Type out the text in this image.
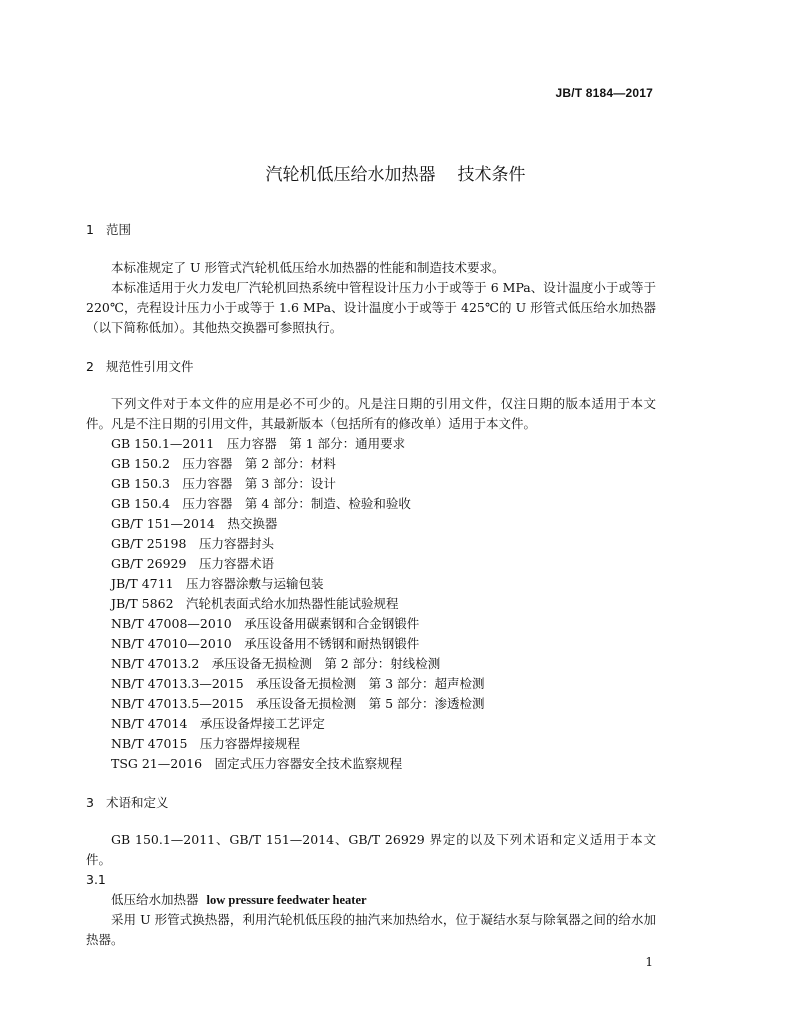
JB/T 8184—2017
汽轮机低压给水加热器 技术条件

1 范围

本标准规定了 U 形管式汽轮机低压给水加热器的性能和制造技术要求。

本标准适用于火力发电厂汽轮机回热系统中管程设计压力小于或等于 6 MPa、设计温度小于或等于 220℃，壳程设计压力小于或等于 1.6 MPa、设计温度小于或等于 425℃的 U 形管式低压给水加热器（以下简称低加）。其他热交换器可参照执行。

2 规范性引用文件

下列文件对于本文件的应用是必不可少的。凡是注日期的引用文件，仅注日期的版本适用于本文件。凡是不注日期的引用文件，其最新版本（包括所有的修改单）适用于本文件。

GB 150.1—2011　压力容器　第 1 部分：通用要求
GB 150.2　压力容器　第 2 部分：材料
GB 150.3　压力容器　第 3 部分：设计
GB 150.4　压力容器　第 4 部分：制造、检验和验收
GB/T 151—2014　热交换器
GB/T 25198　压力容器封头
GB/T 26929　压力容器术语
JB/T 4711　压力容器涂敷与运输包装
JB/T 5862　汽轮机表面式给水加热器性能试验规程
NB/T 47008—2010　承压设备用碳素钢和合金钢锻件
NB/T 47010—2010　承压设备用不锈钢和耐热钢锻件
NB/T 47013.2　承压设备无损检测　第 2 部分：射线检测
NB/T 47013.3—2015　承压设备无损检测　第 3 部分：超声检测
NB/T 47013.5—2015　承压设备无损检测　第 5 部分：渗透检测
NB/T 47014　承压设备焊接工艺评定
NB/T 47015　压力容器焊接规程
TSG 21—2016　固定式压力容器安全技术监察规程

3 术语和定义

GB 150.1—2011、GB/T 151—2014、GB/T 26929 界定的以及下列术语和定义适用于本文件。

3.1

低压给水加热器 low pressure feedwater heater

采用 U 形管式换热器，利用汽轮机低压段的抽汽来加热给水，位于凝结水泵与除氧器之间的给水加热器。

1
